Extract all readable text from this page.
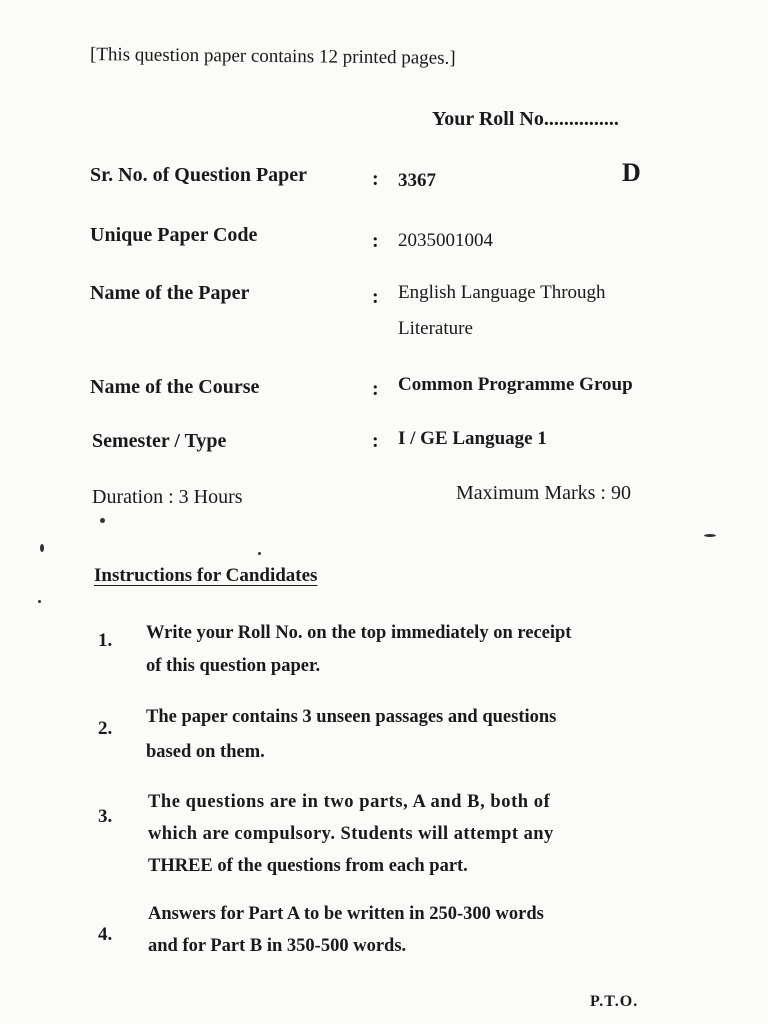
[This question paper contains 12 printed pages.]
Your Roll No...............
D
Sr. No. of Question Paper	: 3367
Unique Paper Code	: 2035001004
Name of the Paper	: English Language Through
Literature
Name of the Course	: Common Programme Group
Semester / Type	: I / GE Language 1
Duration : 3 Hours	Maximum Marks : 90
Instructions for Candidates
1. Write your Roll No. on the top immediately on receipt
of this question paper.
2.
The paper contains 3 unseen passages and questions
based on them.
3.
The questions are in two parts, A and B, both of
which are compulsory. Students will attempt any
THREE of the questions from each part.
4.
Answers for Part A to be written in 250-300 words
and for Part B in 350-500 words.
P.T.O.
